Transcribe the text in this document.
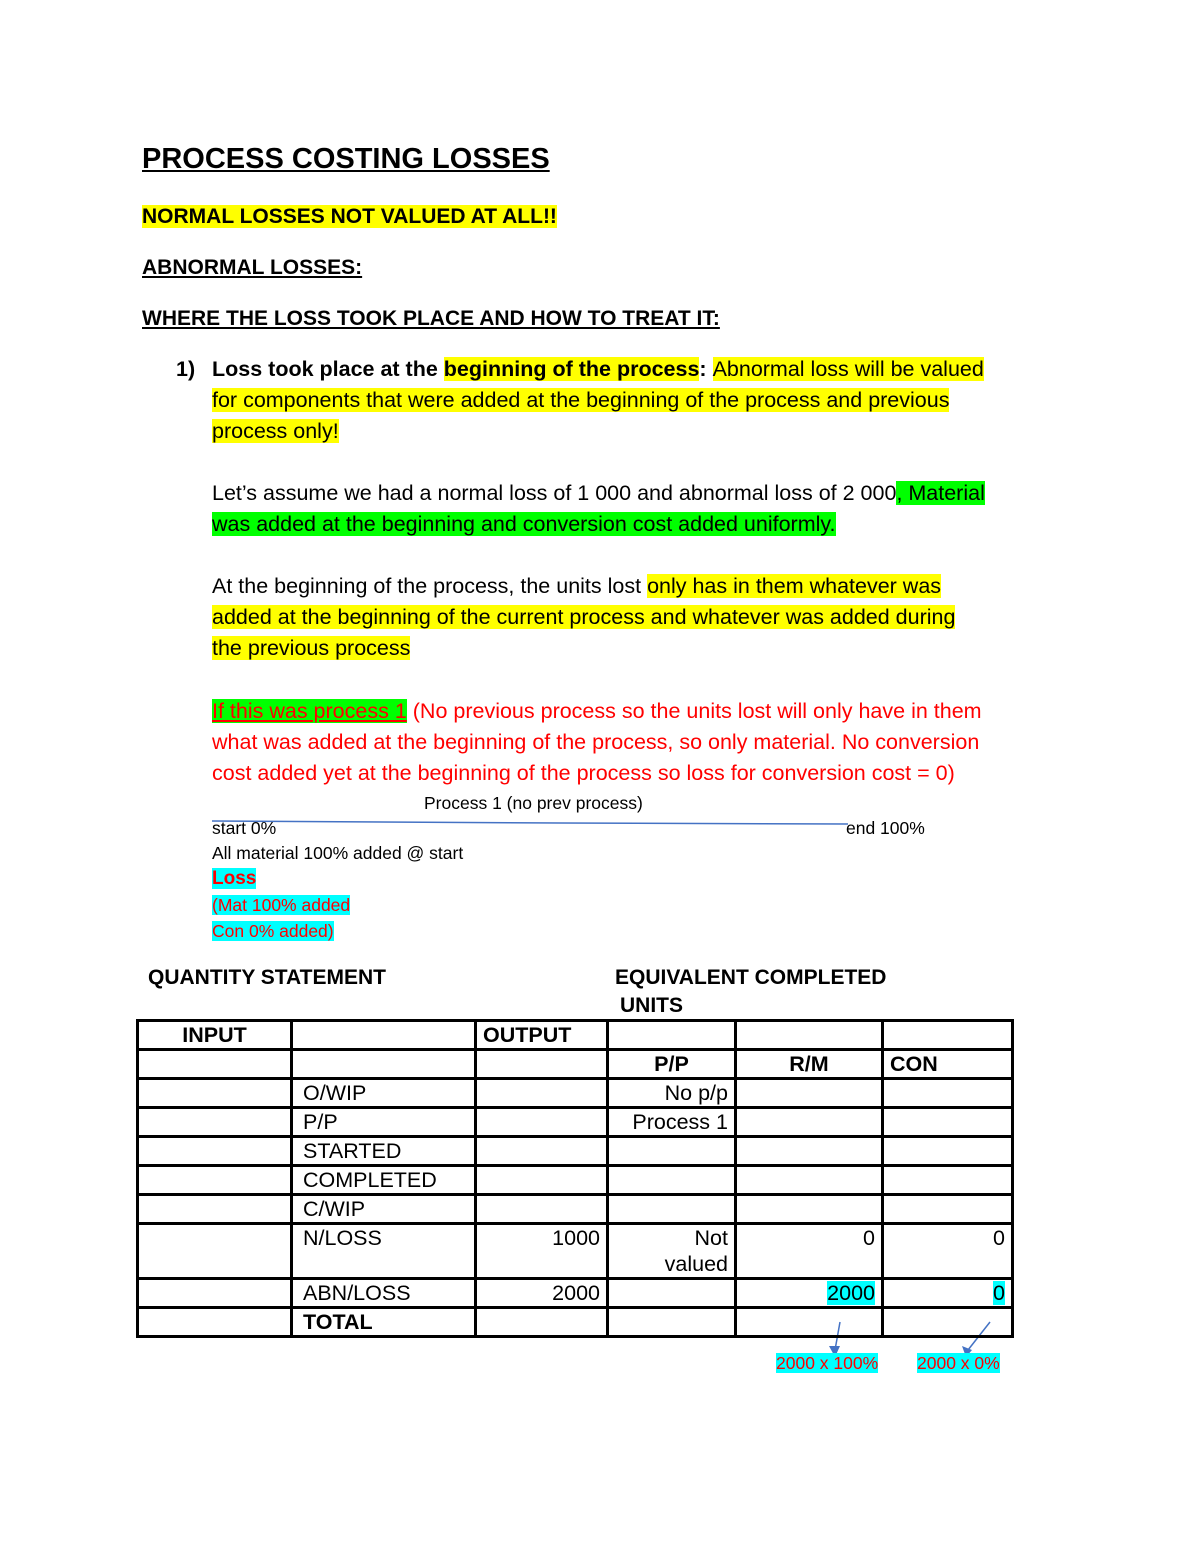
PROCESS COSTING LOSSES
NORMAL LOSSES NOT VALUED AT ALL!!
ABNORMAL LOSSES:
WHERE THE LOSS TOOK PLACE AND HOW TO TREAT IT:
1) Loss took place at the beginning of the process: Abnormal loss will be valued
for components that were added at the beginning of the process and previous
process only!
Let’s assume we had a normal loss of 1 000 and abnormal loss of 2 000, Material
was added at the beginning and conversion cost added uniformly.
At the beginning of the process, the units lost only has in them whatever was
added at the beginning of the current process and whatever was added during
the previous process
If this was process 1 (No previous process so the units lost will only have in them
what was added at the beginning of the process, so only material. No conversion
cost added yet at the beginning of the process so loss for conversion cost = 0)
Process 1 (no prev process)
start 0%	end 100%
All material 100% added @ start
Loss
(Mat 100% added
Con 0% added)
QUANTITY STATEMENT	EQUIVALENT COMPLETED
UNITS
INPUT		OUTPUT			
			P/P	R/M	CON
	O/WIP		No p/p		
	P/P		Process 1		
	STARTED				
	COMPLETED				
	C/WIP				
	N/LOSS	1000	Not
valued	0	0
	ABN/LOSS	2000		2000	0
	TOTAL				
2000 x 100% 2000 x 0%
